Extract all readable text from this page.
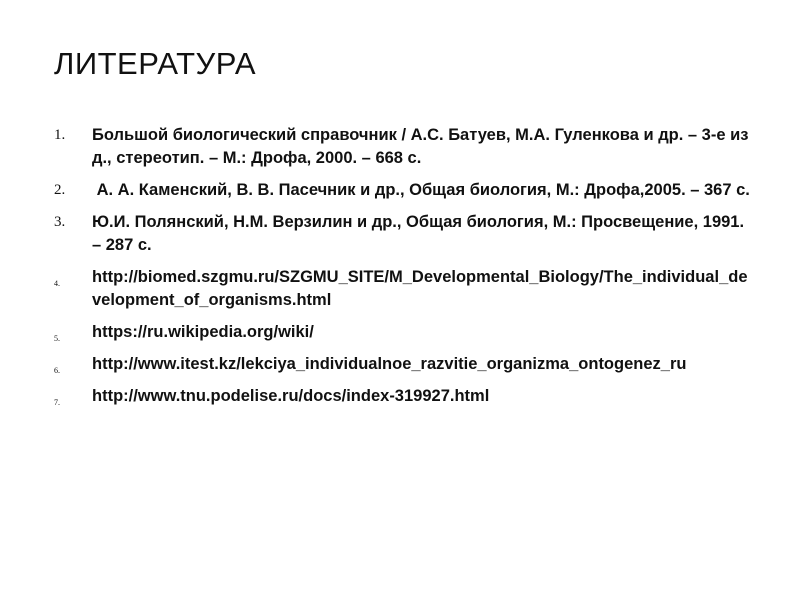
ЛИТЕРАТУРА
1. Большой биологический справочник / А.С. Батуев, М.А. Гуленкова и др. – 3-е изд., стереотип. – М.: Дрофа, 2000. – 668 с.
2. А. А. Каменский, В. В. Пасечник и др., Общая биология, М.: Дрофа,2005. – 367 с.
3. Ю.И. Полянский, Н.М. Верзилин и др., Общая биология, М.: Просвещение, 1991. – 287 с.
4. http://biomed.szgmu.ru/SZGMU_SITE/M_Developmental_Biology/The_individual_development_of_organisms.html
5. https://ru.wikipedia.org/wiki/
6. http://www.itest.kz/lekciya_individualnoe_razvitie_organizma_ontogenez_ru
7. http://www.tnu.podelise.ru/docs/index-319927.html
